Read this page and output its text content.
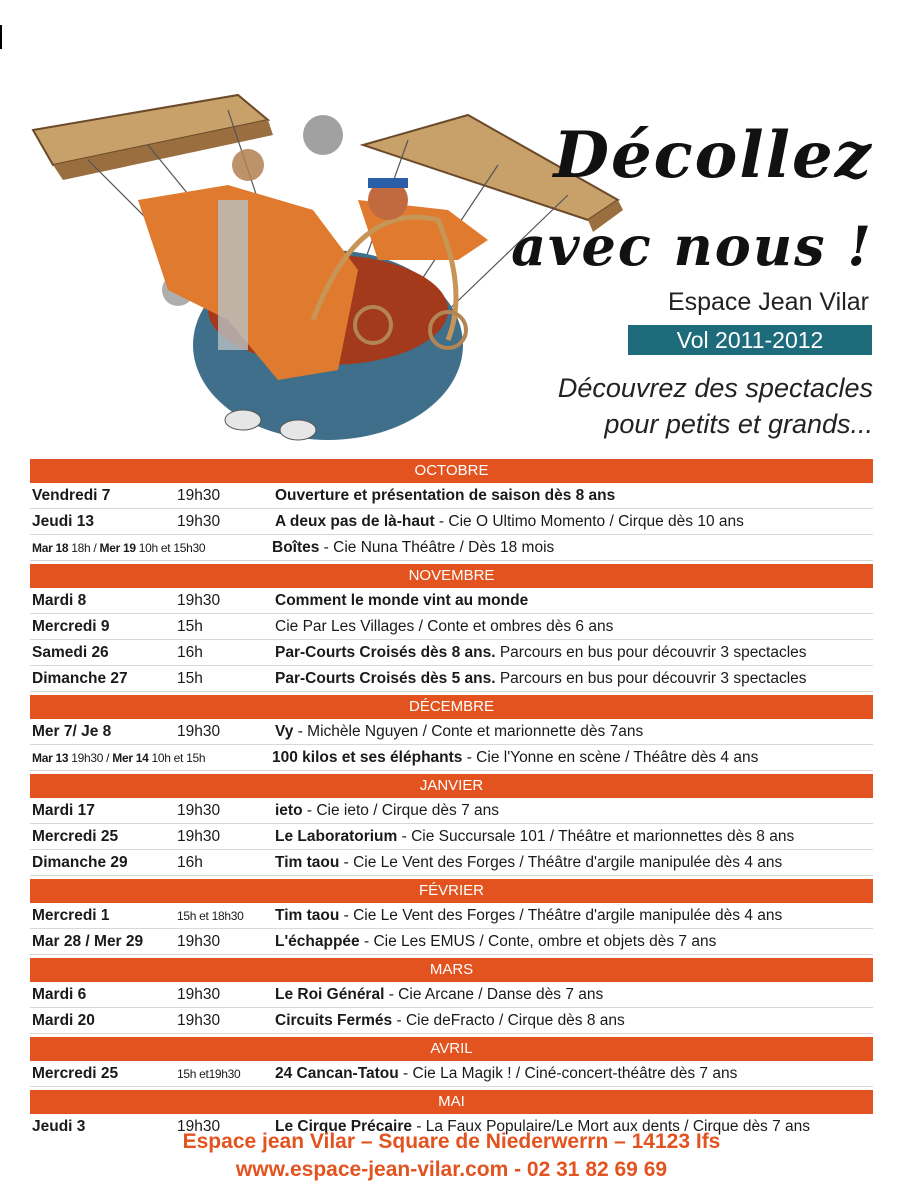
Décollez
avec nous !
Espace Jean Vilar
Vol 2011-2012
Découvrez des spectacles
pour petits et grands...
OCTOBRE
Vendredi 7	19h30	Ouverture et présentation de saison dès 8 ans
Jeudi 13	19h30	A deux pas de là-haut - Cie O Ultimo Momento / Cirque dès 10 ans
Mar 18 18h / Mer 19 10h et 15h30	Boîtes - Cie Nuna Théâtre / Dès 18 mois
NOVEMBRE
Mardi 8	19h30	Comment le monde vint au monde
Mercredi 9	15h	Cie Par Les Villages / Conte et ombres dès 6 ans
Samedi 26	16h	Par-Courts Croisés dès 8 ans. Parcours en bus pour découvrir 3 spectacles
Dimanche 27	15h	Par-Courts Croisés dès 5 ans. Parcours en bus pour découvrir 3 spectacles
DÉCEMBRE
Mer 7/ Je 8	19h30	Vy - Michèle Nguyen / Conte et marionnette dès 7ans
Mar 13 19h30 / Mer 14 10h et 15h	100 kilos et ses éléphants - Cie l'Yonne en scène / Théâtre dès 4 ans
JANVIER
Mardi 17	19h30	ieto - Cie ieto / Cirque dès 7 ans
Mercredi 25	19h30	Le Laboratorium - Cie Succursale 101 / Théâtre et marionnettes dès 8 ans
Dimanche 29	16h	Tim taou - Cie Le Vent des Forges / Théâtre d'argile manipulée dès 4 ans
FÉVRIER
Mercredi 1	15h et 18h30	Tim taou - Cie Le Vent des Forges / Théâtre d'argile manipulée dès 4 ans
Mar 28 / Mer 29	19h30	L'échappée - Cie Les EMUS / Conte, ombre et objets dès 7 ans
MARS
Mardi 6	19h30	Le Roi Général - Cie Arcane / Danse dès 7 ans
Mardi 20	19h30	Circuits Fermés - Cie deFracto / Cirque dès 8 ans
AVRIL
Mercredi 25	15h et19h30	24 Cancan-Tatou - Cie La Magik ! / Ciné-concert-théâtre dès 7 ans
MAI
Jeudi 3	19h30	Le Cirque Précaire - La Faux Populaire/Le Mort aux dents / Cirque dès 7 ans
Espace jean Vilar – Square de Niederwerrn – 14123 Ifs
www.espace-jean-vilar.com - 02 31 82 69 69
